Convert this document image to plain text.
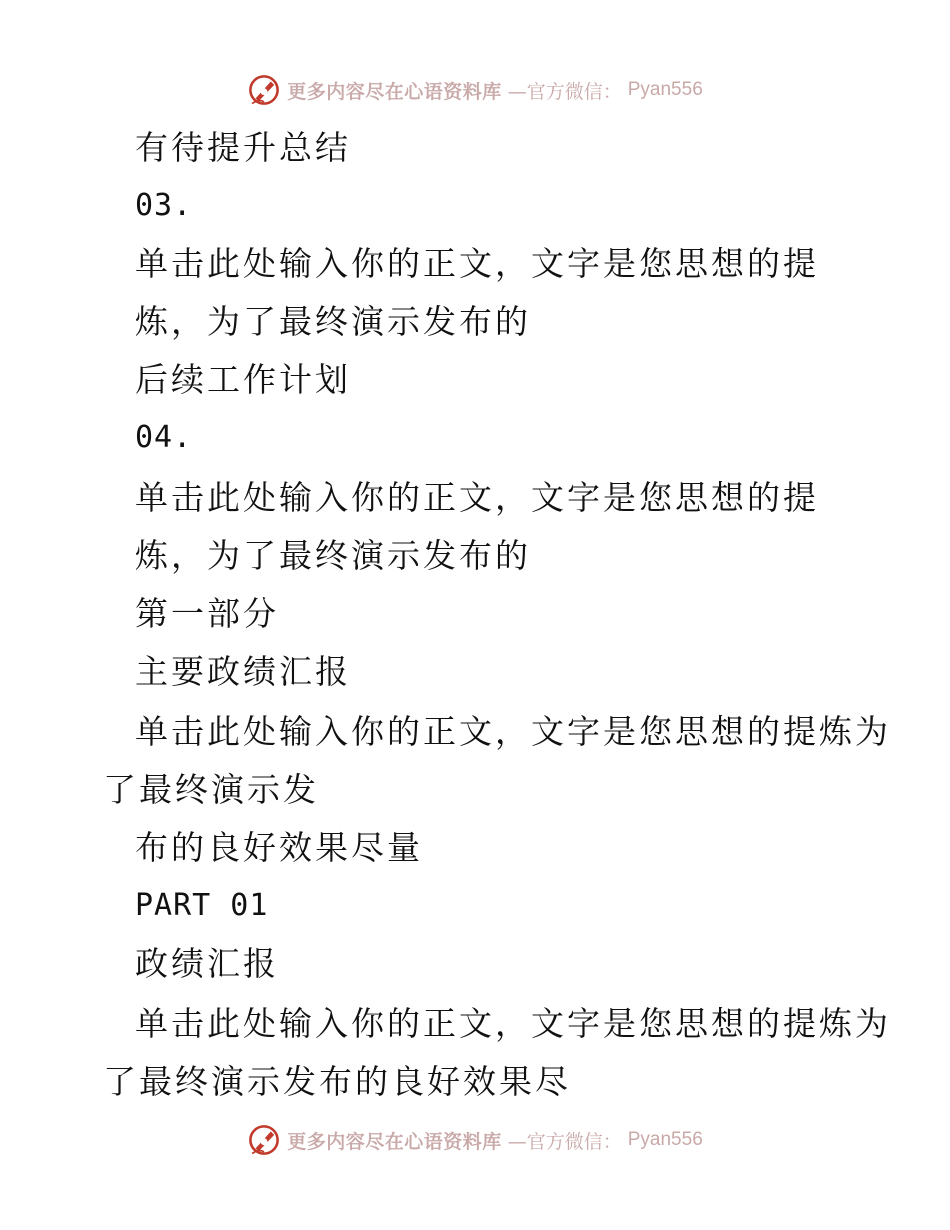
更多内容尽在心语资料库 —官方微信： Pyan556
有待提升总结
03.
单击此处输入你的正文，文字是您思想的提
炼，为了最终演示发布的
后续工作计划
04.
单击此处输入你的正文，文字是您思想的提
炼，为了最终演示发布的
第一部分
主要政绩汇报
单击此处输入你的正文，文字是您思想的提炼为
了最终演示发
布的良好效果尽量
PART 01
政绩汇报
单击此处输入你的正文，文字是您思想的提炼为
了最终演示发布的良好效果尽
更多内容尽在心语资料库 —官方微信： Pyan556
